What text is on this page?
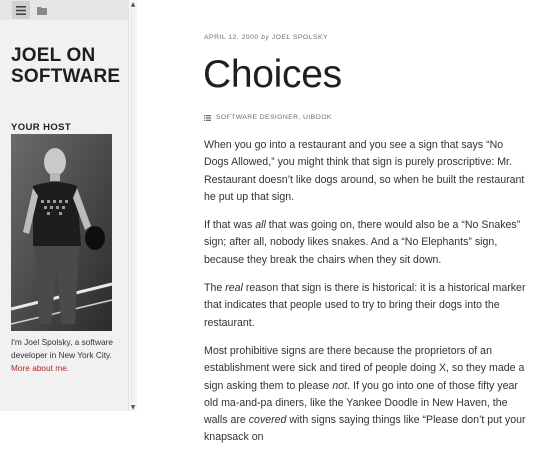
JOEL ON SOFTWARE
YOUR HOST
I'm Joel Spolsky, a software developer in New York City.
More about me.
▲
▼
APRIL 12, 2000 by JOEL SPOLSKY
Choices
SOFTWARE DESIGNER, UIBOOK

When you go into a restaurant and you see a sign that says “No Dogs Allowed,” you might think that sign is purely proscriptive: Mr. Restaurant doesn’t like dogs around, so when he built the restaurant he put up that sign.

If that was all that was going on, there would also be a “No Snakes” sign; after all, nobody likes snakes. And a “No Elephants” sign, because they break the chairs when they sit down.

The real reason that sign is there is historical: it is a historical marker that indicates that people used to try to bring their dogs into the restaurant.

Most prohibitive signs are there because the proprietors of an establishment were sick and tired of people doing X, so they made a sign asking them to please not. If you go into one of those fifty year old ma-and-pa diners, like the Yankee Doodle in New Haven, the walls are covered with signs saying things like “Please don’t put your knapsack on
